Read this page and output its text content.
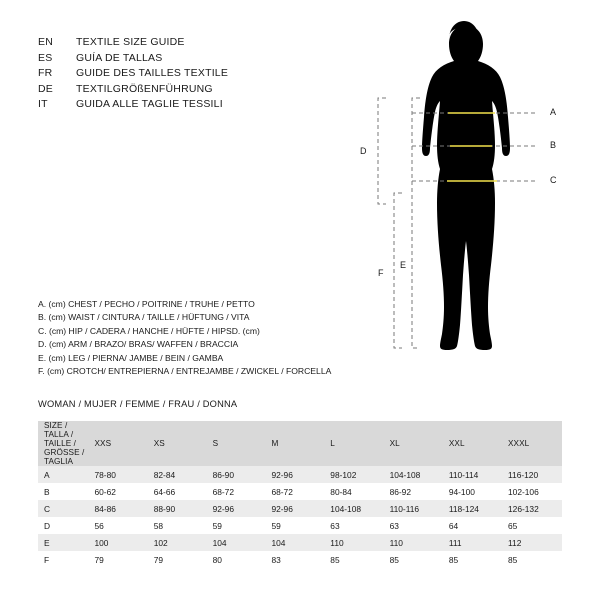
EN	TEXTILE SIZE GUIDE
ES	GUÍA DE TALLAS
FR	GUIDE DES TAILLES TEXTILE
DE	TEXTILGRÖßENFÜHRUNG
IT	GUIDA ALLE TAGLIE TESSILI
A
B
C
D
E
F
A. (cm) CHEST / PECHO / POITRINE / TRUHE / PETTO
B. (cm) WAIST / CINTURA / TAILLE / HÜFTUNG / VITA
C. (cm) HIP / CADERA / HANCHE / HÜFTE / HIPSD. (cm)
D. (cm) ARM / BRAZO/ BRAS/ WAFFEN / BRACCIA
E. (cm) LEG / PIERNA/ JAMBE / BEIN / GAMBA
F. (cm) CROTCH/ ENTREPIERNA / ENTREJAMBE / ZWICKEL / FORCELLA
WOMAN / MUJER / FEMME / FRAU / DONNA
SIZE / TALLA / TAILLE / GRÖSSE / TAGLIA	XXS	XS	S	M	L	XL	XXL	XXXL
A	78-80	82-84	86-90	92-96	98-102	104-108	110-114	116-120
B	60-62	64-66	68-72	68-72	80-84	86-92	94-100	102-106
C	84-86	88-90	92-96	92-96	104-108	110-116	118-124	126-132
D	56	58	59	59	63	63	64	65
E	100	102	104	104	110	110	111	112
F	79	79	80	83	85	85	85	85
